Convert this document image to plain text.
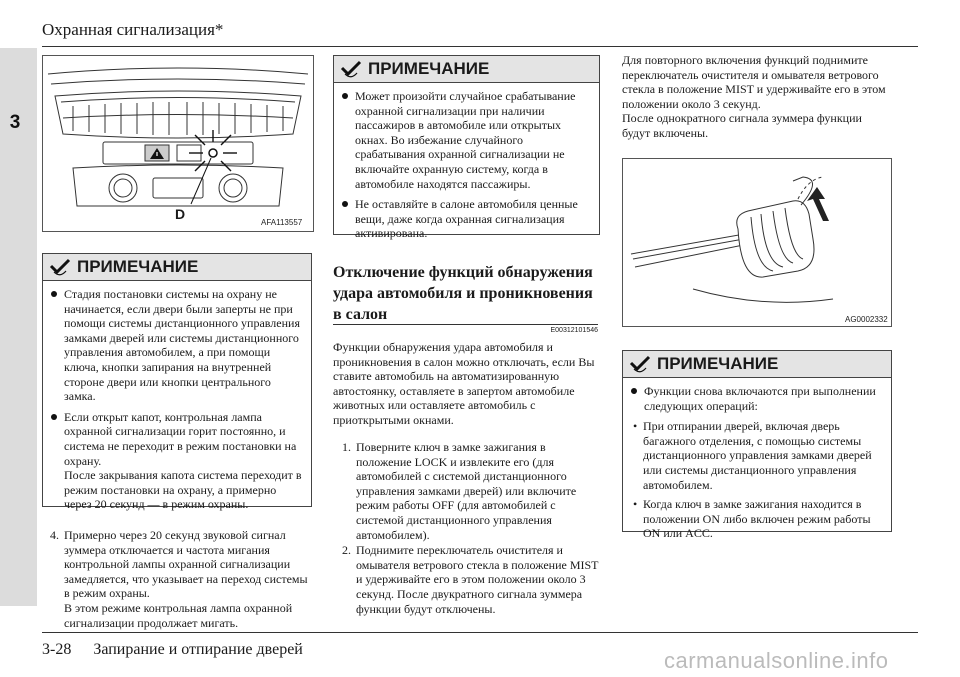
Охранная сигнализация*
3
D
AFA113557
ПРИМЕЧАНИЕ
Стадия постановки системы на охрану не начинается, если двери были заперты не при помощи системы дистанционного управления замками дверей или системы дистанционного управления автомобилем, а при помощи ключа, кнопки запирания на внутренней стороне двери или кнопки центрального замка.
Если открыт капот, контрольная лампа охранной сигнализации горит постоянно, и система не переходит в режим постановки на охрану.
После закрывания капота система переходит в режим постановки на охрану, а примерно через 20 секунд — в режим охраны.
4. Примерно через 20 секунд звуковой сигнал зуммера отключается и частота мигания контрольной лампы охранной сигнализации замедляется, что указывает на переход системы в режим охраны.
В этом режиме контрольная лампа охранной сигнализации продолжает мигать.
ПРИМЕЧАНИЕ
Может произойти случайное срабатывание охранной сигнализации при наличии пассажиров в автомобиле или открытых окнах. Во избежание случайного срабатывания охранной сигнализации не включайте охранную систему, когда в автомобиле находятся пассажиры.
Не оставляйте в салоне автомобиля ценные вещи, даже когда охранная сигнализация активирована.
Отключение функций обнаружения удара автомобиля и проникновения в салон
E00312101546
Функции обнаружения удара автомобиля и проникновения в салон можно отключать, если Вы ставите автомобиль на автоматизированную автостоянку, оставляете в запертом автомобиле животных или оставляете автомобиль с приоткрытыми окнами.
1. Поверните ключ в замке зажигания в положение LOCK и извлеките его (для автомобилей с системой дистанционного управления замками дверей) или включите режим работы OFF (для автомобилей с системой дистанционного управления автомобилем).
2. Поднимите переключатель очистителя и омывателя ветрового стекла в положение MIST и удерживайте его в этом положении около 3 секунд. После двукратного сигнала зуммера функции будут отключены.
Для повторного включения функций поднимите переключатель очистителя и омывателя ветрового стекла в положение MIST и удерживайте его в этом положении около 3 секунд.
После однократного сигнала зуммера функции будут включены.
AG0002332
ПРИМЕЧАНИЕ
Функции снова включаются при выполнении следующих операций:
• При отпирании дверей, включая дверь багажного отделения, с помощью системы дистанционного управления замками дверей или системы дистанционного управления автомобилем.
• Когда ключ в замке зажигания находится в положении ON либо включен режим работы ON или ACC.
3-28 Запирание и отпирание дверей	carmanualsonline.info
